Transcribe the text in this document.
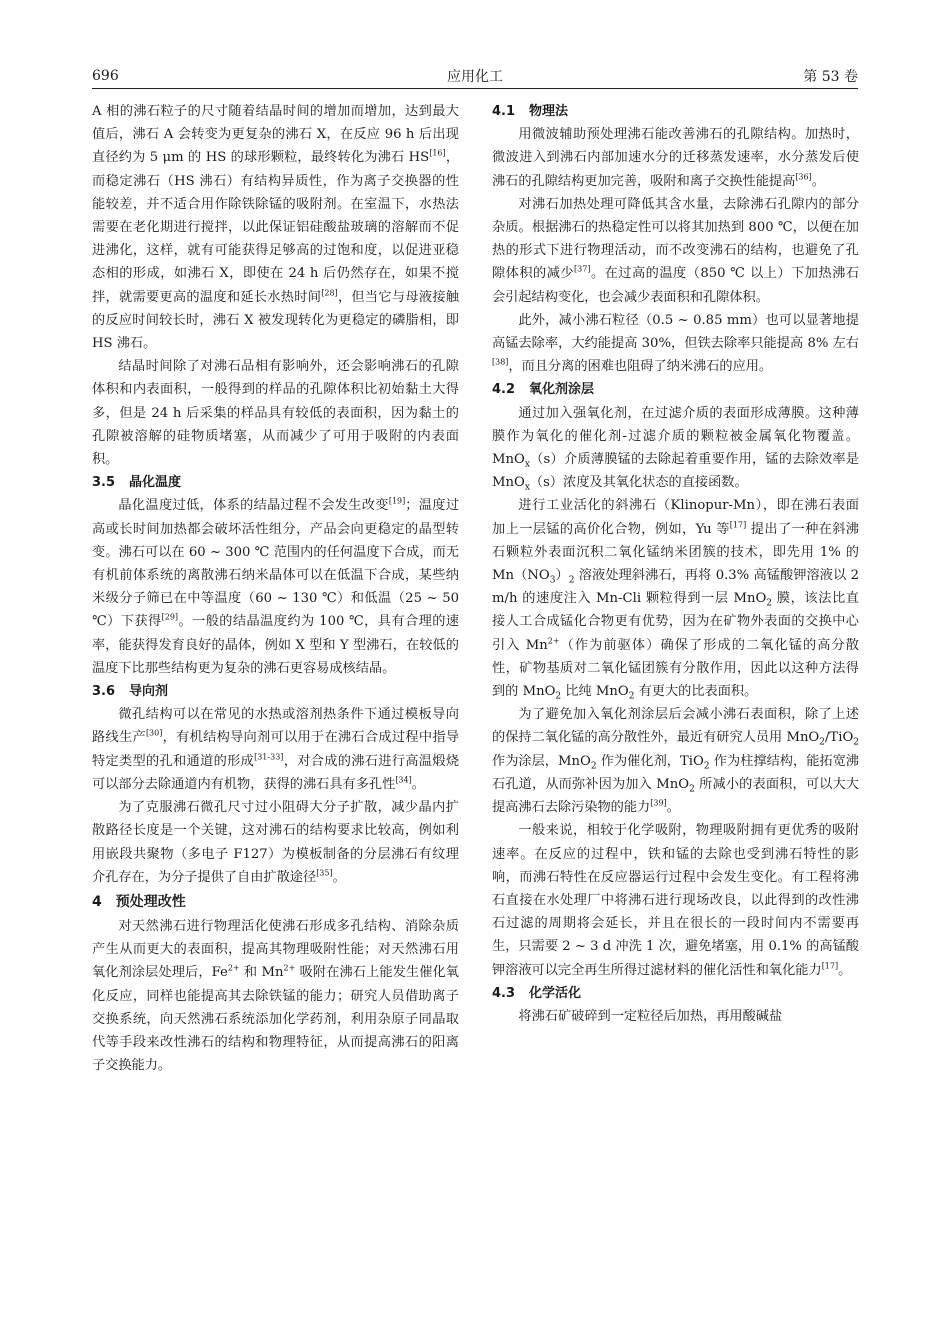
696	应用化工	第 53 卷

A 相的沸石粒子的尺寸随着结晶时间的增加而增加，达到最大值后，沸石 A 会转变为更复杂的沸石 X，在反应 96 h 后出现直径约为 5 μm 的 HS 的球形颗粒，最终转化为沸石 HS[16]，而稳定沸石（HS 沸石）有结构异质性，作为离子交换器的性能较差，并不适合用作除铁除锰的吸附剂。在室温下，水热法需要在老化期进行搅拌，以此保证铝硅酸盐玻璃的溶解而不促进沸化，这样，就有可能获得足够高的过饱和度，以促进亚稳态相的形成，如沸石 X，即使在 24 h 后仍然存在，如果不搅拌，就需要更高的温度和延长水热时间[28]，但当它与母液接触的反应时间较长时，沸石 X 被发现转化为更稳定的磷脂相，即 HS 沸石。

结晶时间除了对沸石品相有影响外，还会影响沸石的孔隙体积和内表面积，一般得到的样品的孔隙体积比初始黏土大得多，但是 24 h 后采集的样品具有较低的表面积，因为黏土的孔隙被溶解的硅物质堵塞，从而减少了可用于吸附的内表面积。

3.5 晶化温度

晶化温度过低，体系的结晶过程不会发生改变[19]；温度过高或长时间加热都会破坏活性组分，产品会向更稳定的晶型转变。沸石可以在 60 ~ 300 ℃ 范围内的任何温度下合成，而无有机前体系统的离散沸石纳米晶体可以在低温下合成，某些纳米级分子筛已在中等温度（60 ~ 130 ℃）和低温（25 ~ 50 ℃）下获得[29]。一般的结晶温度约为 100 ℃，具有合理的速率，能获得发育良好的晶体，例如 X 型和 Y 型沸石，在较低的温度下比那些结构更为复杂的沸石更容易成核结晶。

3.6 导向剂

微孔结构可以在常见的水热或溶剂热条件下通过模板导向路线生产[30]，有机结构导向剂可以用于在沸石合成过程中指导特定类型的孔和通道的形成[31-33]，对合成的沸石进行高温煅烧可以部分去除通道内有机物，获得的沸石具有多孔性[34]。

为了克服沸石微孔尺寸过小阻碍大分子扩散，减少晶内扩散路径长度是一个关键，这对沸石的结构要求比较高，例如利用嵌段共聚物（多电子 F127）为模板制备的分层沸石有纹理介孔存在，为分子提供了自由扩散途径[35]。

4 预处理改性

对天然沸石进行物理活化使沸石形成多孔结构、消除杂质产生从而更大的表面积，提高其物理吸附性能；对天然沸石用氧化剂涂层处理后，$Fe^{2+}$ 和 $Mn^{2+}$ 吸附在沸石上能发生催化氧化反应，同样也能提高其去除铁锰的能力；研究人员借助离子交换系统，向天然沸石系统添加化学药剂，利用杂原子同晶取代等手段来改性沸石的结构和物理特征，从而提高沸石的阳离子交换能力。

4.1 物理法

用微波辅助预处理沸石能改善沸石的孔隙结构。加热时，微波进入到沸石内部加速水分的迁移蒸发速率，水分蒸发后使沸石的孔隙结构更加完善，吸附和离子交换性能提高[36]。

对沸石加热处理可降低其含水量，去除沸石孔隙内的部分杂质。根据沸石的热稳定性可以将其加热到 800 ℃，以便在加热的形式下进行物理活动，而不改变沸石的结构，也避免了孔隙体积的减少[37]。在过高的温度（850 ℃ 以上）下加热沸石会引起结构变化，也会减少表面积和孔隙体积。

此外，减小沸石粒径（0.5 ~ 0.85 mm）也可以显著地提高锰去除率，大约能提高 30%，但铁去除率只能提高 8% 左右[38]，而且分离的困难也阻碍了纳米沸石的应用。

4.2 氧化剂涂层

通过加入强氧化剂，在过滤介质的表面形成薄膜。这种薄膜作为氧化的催化剂-过滤介质的颗粒被金属氧化物覆盖。MnO$_x$（s）介质薄膜锰的去除起着重要作用，锰的去除效率是 MnO$_x$（s）浓度及其氧化状态的直接函数。

进行工业活化的斜沸石（Klinopur-Mn），即在沸石表面加上一层锰的高价化合物，例如，Yu 等[17] 提出了一种在斜沸石颗粒外表面沉积二氧化锰纳米团簇的技术，即先用 1% 的 $Mn(NO_3)_2$ 溶液处理斜沸石，再将 0.3% 高锰酸钾溶液以 2 m/h 的速度注入 Mn-Cli 颗粒得到一层 MnO$_2$ 膜，该法比直接人工合成锰化合物更有优势，因为在矿物外表面的交换中心引入 $Mn^{2+}$（作为前驱体）确保了形成的二氧化锰的高分散性，矿物基质对二氧化锰团簇有分散作用，因此以这种方法得到的 MnO$_2$ 比纯 MnO$_2$ 有更大的比表面积。

为了避免加入氧化剂涂层后会减小沸石表面积，除了上述的保持二氧化锰的高分散性外，最近有研究人员用 MnO$_2$/TiO$_2$ 作为涂层，MnO$_2$ 作为催化剂，TiO$_2$ 作为柱撑结构，能拓宽沸石孔道，从而弥补因为加入 MnO$_2$ 所减小的表面积，可以大大提高沸石去除污染物的能力[39]。

一般来说，相较于化学吸附，物理吸附拥有更优秀的吸附速率。在反应的过程中，铁和锰的去除也受到沸石特性的影响，而沸石特性在反应器运行过程中会发生变化。有工程将沸石直接在水处理厂中将沸石进行现场改良，以此得到的改性沸石过滤的周期将会延长，并且在很长的一段时间内不需要再生，只需要 2 ~ 3 d 冲洗 1 次，避免堵塞，用 0.1% 的高锰酸钾溶液可以完全再生所得过滤材料的催化活性和氧化能力[17]。

4.3 化学活化

将沸石矿破碎到一定粒径后加热，再用酸碱盐
